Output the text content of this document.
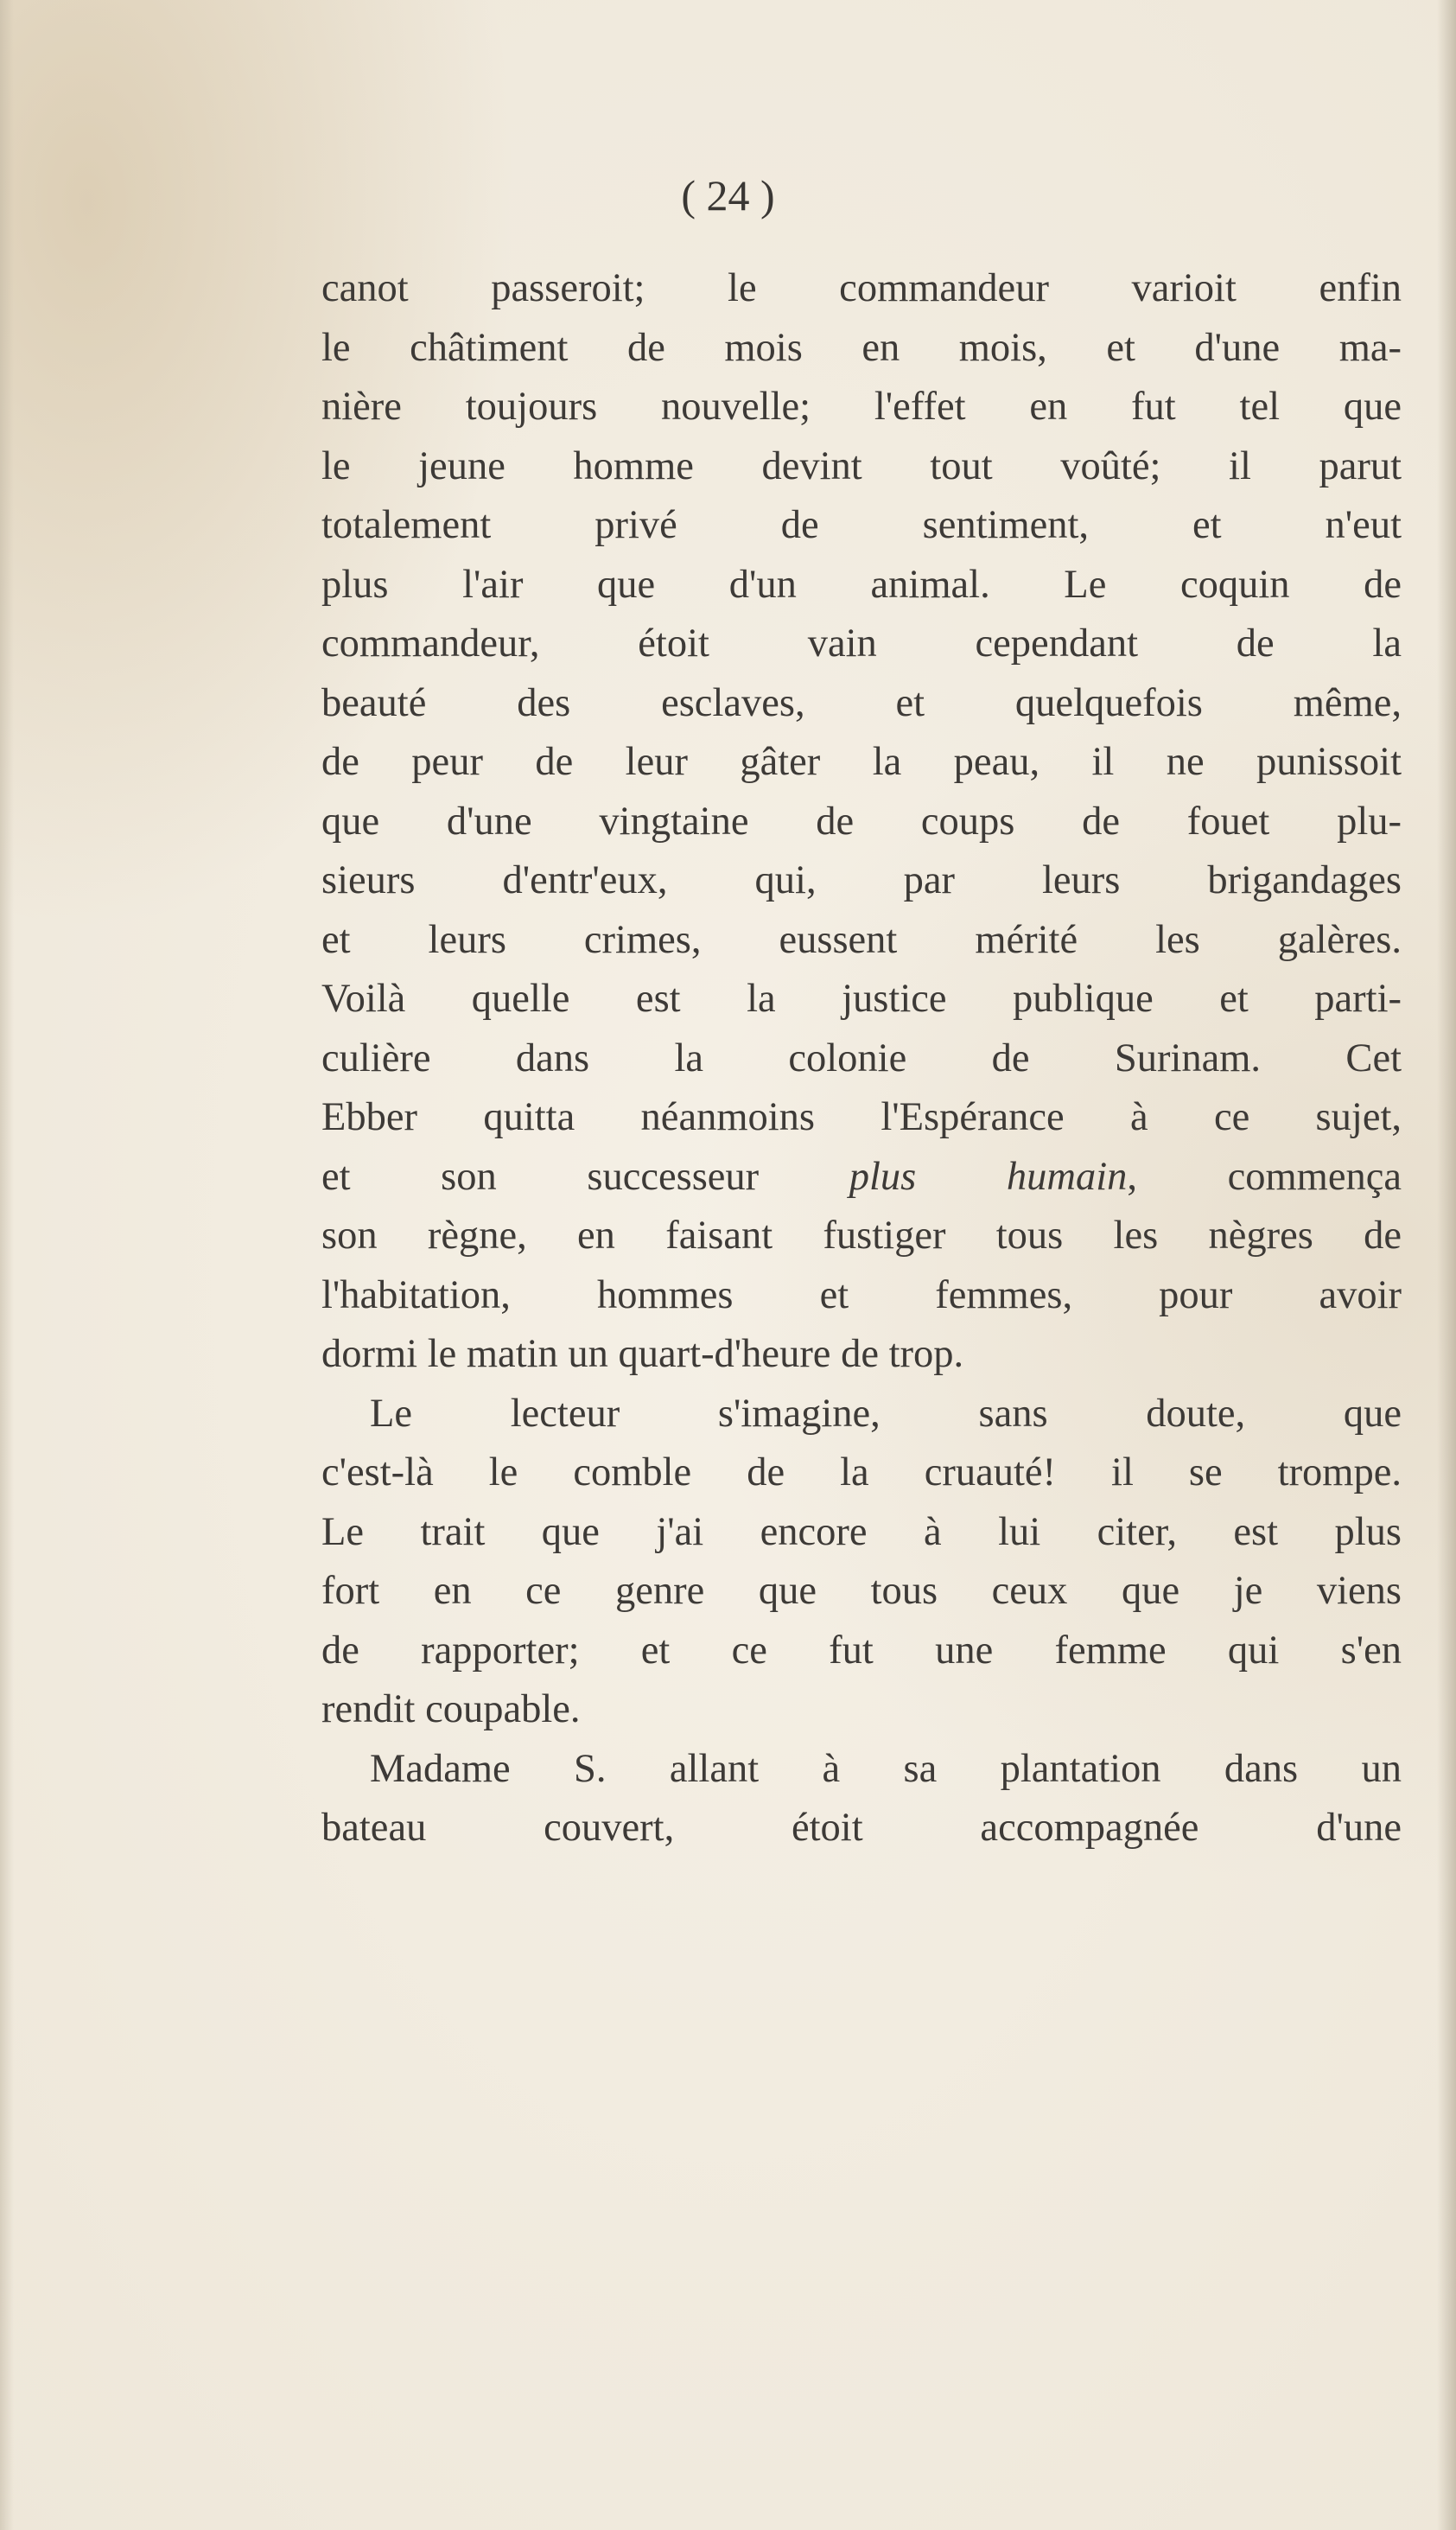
( 24 )
canot passeroit; le commandeur varioit enfin
le châtiment de mois en mois, et d'une ma-
nière toujours nouvelle; l'effet en fut tel que
le jeune homme devint tout voûté; il parut
totalement privé de sentiment, et n'eut
plus l'air que d'un animal. Le coquin de
commandeur, étoit vain cependant de la
beauté des esclaves, et quelquefois même,
de peur de leur gâter la peau, il ne punissoit
que d'une vingtaine de coups de fouet plu-
sieurs d'entr'eux, qui, par leurs brigandages
et leurs crimes, eussent mérité les galères.
Voilà quelle est la justice publique et parti-
culière dans la colonie de Surinam. Cet
Ebber quitta néanmoins l'Espérance à ce sujet,
et son successeur plus humain, commença
son règne, en faisant fustiger tous les nègres de
l'habitation, hommes et femmes, pour avoir
dormi le matin un quart-d'heure de trop.
Le lecteur s'imagine, sans doute, que
c'est-là le comble de la cruauté! il se trompe.
Le trait que j'ai encore à lui citer, est plus
fort en ce genre que tous ceux que je viens
de rapporter; et ce fut une femme qui s'en
rendit coupable.
Madame S. allant à sa plantation dans un
bateau couvert, étoit accompagnée d'une
